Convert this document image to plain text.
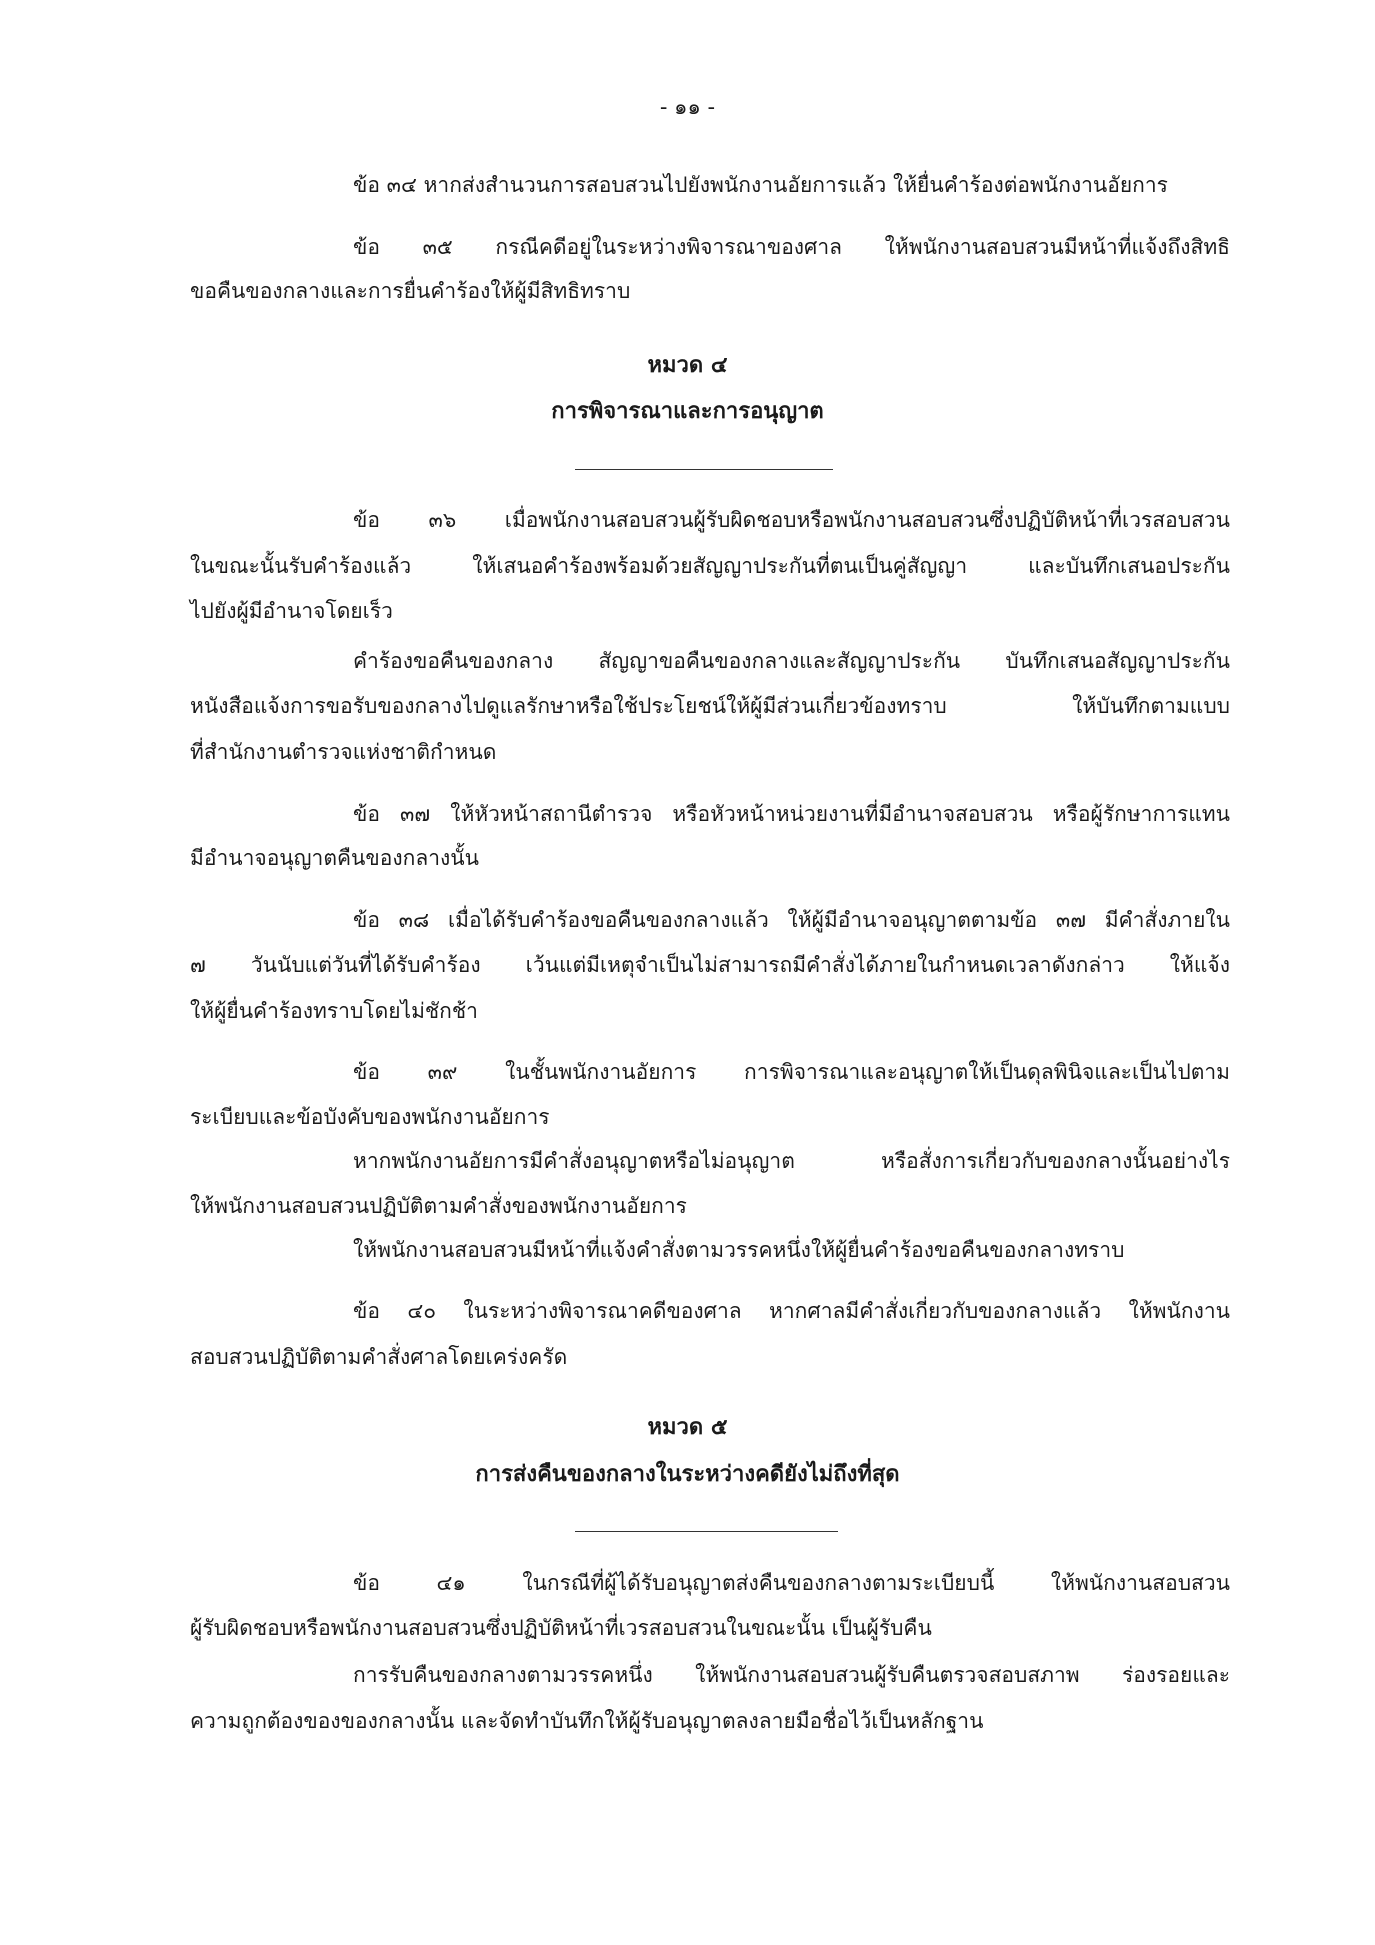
- ๑๑ -
ข้อ ๓๔ หากส่งสำนวนการสอบสวนไปยังพนักงานอัยการแล้ว ให้ยื่นคำร้องต่อพนักงานอัยการ
ข้อ ๓๕ กรณีคดีอยู่ในระหว่างพิจารณาของศาล ให้พนักงานสอบสวนมีหน้าที่แจ้งถึงสิทธิ
ขอคืนของกลางและการยื่นคำร้องให้ผู้มีสิทธิทราบ
หมวด ๔
การพิจารณาและการอนุญาต
ข้อ ๓๖ เมื่อพนักงานสอบสวนผู้รับผิดชอบหรือพนักงานสอบสวนซึ่งปฏิบัติหน้าที่เวรสอบสวน
ในขณะนั้นรับคำร้องแล้ว ให้เสนอคำร้องพร้อมด้วยสัญญาประกันที่ตนเป็นคู่สัญญา และบันทึกเสนอประกัน
ไปยังผู้มีอำนาจโดยเร็ว
คำร้องขอคืนของกลาง สัญญาขอคืนของกลางและสัญญาประกัน บันทึกเสนอสัญญาประกัน
หนังสือแจ้งการขอรับของกลางไปดูแลรักษาหรือใช้ประโยชน์ให้ผู้มีส่วนเกี่ยวข้องทราบ ให้บันทึกตามแบบ
ที่สำนักงานตำรวจแห่งชาติกำหนด
ข้อ ๓๗ ให้หัวหน้าสถานีตำรวจ หรือหัวหน้าหน่วยงานที่มีอำนาจสอบสวน หรือผู้รักษาการแทน
มีอำนาจอนุญาตคืนของกลางนั้น
ข้อ ๓๘ เมื่อได้รับคำร้องขอคืนของกลางแล้ว ให้ผู้มีอำนาจอนุญาตตามข้อ ๓๗ มีคำสั่งภายใน
๗ วันนับแต่วันที่ได้รับคำร้อง เว้นแต่มีเหตุจำเป็นไม่สามารถมีคำสั่งได้ภายในกำหนดเวลาดังกล่าว ให้แจ้ง
ให้ผู้ยื่นคำร้องทราบโดยไม่ชักช้า
ข้อ ๓๙ ในชั้นพนักงานอัยการ การพิจารณาและอนุญาตให้เป็นดุลพินิจและเป็นไปตาม
ระเบียบและข้อบังคับของพนักงานอัยการ
หากพนักงานอัยการมีคำสั่งอนุญาตหรือไม่อนุญาต หรือสั่งการเกี่ยวกับของกลางนั้นอย่างไร
ให้พนักงานสอบสวนปฏิบัติตามคำสั่งของพนักงานอัยการ
ให้พนักงานสอบสวนมีหน้าที่แจ้งคำสั่งตามวรรคหนึ่งให้ผู้ยื่นคำร้องขอคืนของกลางทราบ
ข้อ ๔๐ ในระหว่างพิจารณาคดีของศาล หากศาลมีคำสั่งเกี่ยวกับของกลางแล้ว ให้พนักงาน
สอบสวนปฏิบัติตามคำสั่งศาลโดยเคร่งครัด
หมวด ๕
การส่งคืนของกลางในระหว่างคดียังไม่ถึงที่สุด
ข้อ ๔๑ ในกรณีที่ผู้ได้รับอนุญาตส่งคืนของกลางตามระเบียบนี้ ให้พนักงานสอบสวน
ผู้รับผิดชอบหรือพนักงานสอบสวนซึ่งปฏิบัติหน้าที่เวรสอบสวนในขณะนั้น เป็นผู้รับคืน
การรับคืนของกลางตามวรรคหนึ่ง ให้พนักงานสอบสวนผู้รับคืนตรวจสอบสภาพ ร่องรอยและ
ความถูกต้องของของกลางนั้น และจัดทำบันทึกให้ผู้รับอนุญาตลงลายมือชื่อไว้เป็นหลักฐาน
